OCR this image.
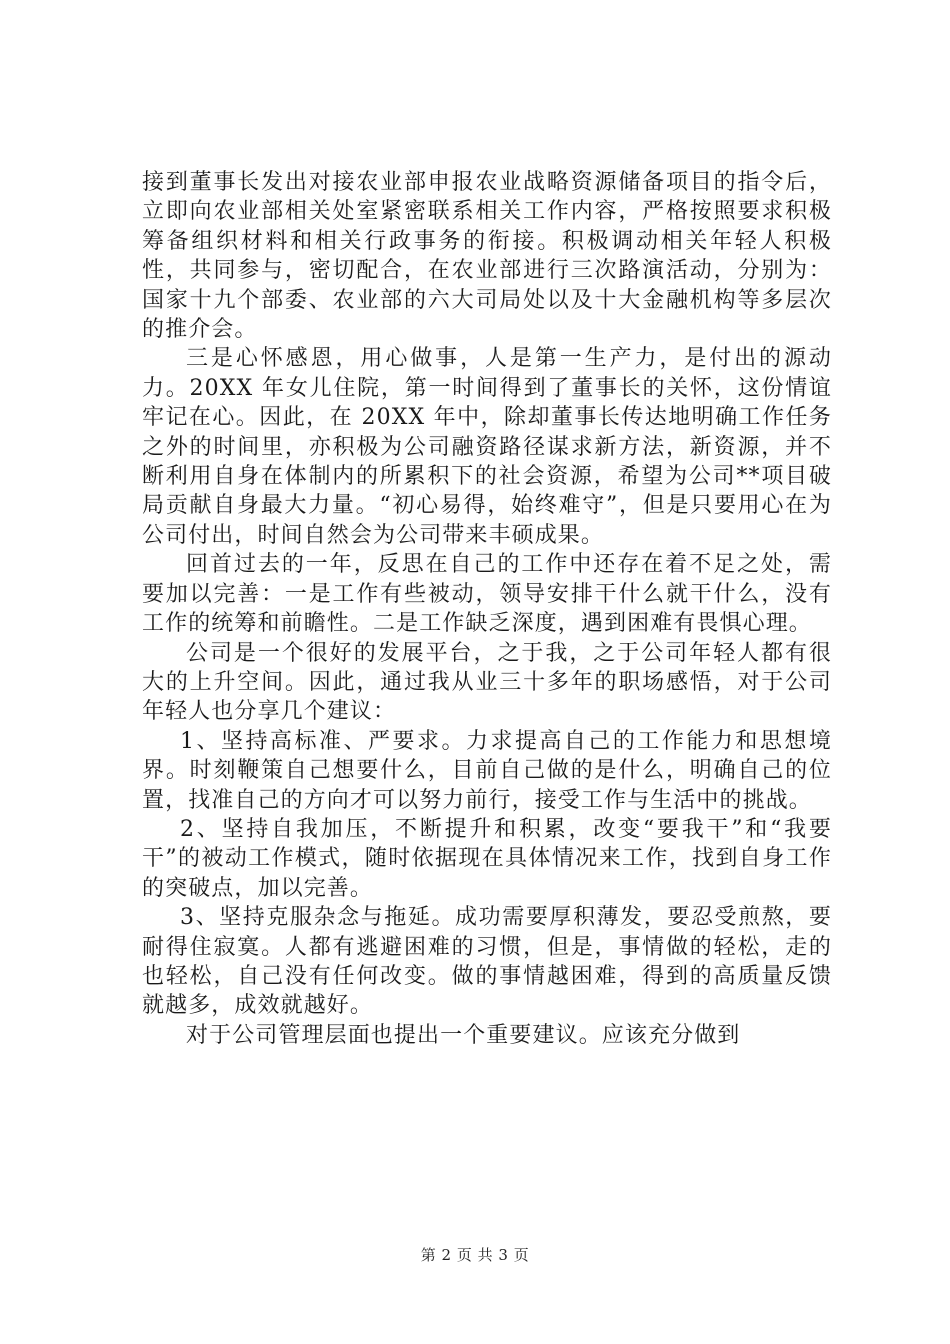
接到董事长发出对接农业部申报农业战略资源储备项目的指令后，立即向农业部相关处室紧密联系相关工作内容，严格按照要求积极筹备组织材料和相关行政事务的衔接。积极调动相关年轻人积极性，共同参与，密切配合，在农业部进行三次路演活动，分别为：国家十九个部委、农业部的六大司局处以及十大金融机构等多层次的推介会。

三是心怀感恩，用心做事，人是第一生产力，是付出的源动力。20XX 年女儿住院，第一时间得到了董事长的关怀，这份情谊牢记在心。因此，在 20XX 年中，除却董事长传达地明确工作任务之外的时间里，亦积极为公司融资路径谋求新方法，新资源，并不断利用自身在体制内的所累积下的社会资源，希望为公司**项目破局贡献自身最大力量。“初心易得，始终难守”，但是只要用心在为公司付出，时间自然会为公司带来丰硕成果。

回首过去的一年，反思在自己的工作中还存在着不足之处，需要加以完善：一是工作有些被动，领导安排干什么就干什么，没有工作的统筹和前瞻性。二是工作缺乏深度，遇到困难有畏惧心理。

公司是一个很好的发展平台，之于我，之于公司年轻人都有很大的上升空间。因此，通过我从业三十多年的职场感悟，对于公司年轻人也分享几个建议：

1、坚持高标准、严要求。力求提高自己的工作能力和思想境界。时刻鞭策自己想要什么，目前自己做的是什么，明确自己的位置，找准自己的方向才可以努力前行，接受工作与生活中的挑战。

2、坚持自我加压，不断提升和积累，改变“要我干”和“我要干”的被动工作模式，随时依据现在具体情况来工作，找到自身工作的突破点，加以完善。

3、坚持克服杂念与拖延。成功需要厚积薄发，要忍受煎熬，要耐得住寂寞。人都有逃避困难的习惯，但是，事情做的轻松，走的也轻松，自己没有任何改变。做的事情越困难，得到的高质量反馈就越多，成效就越好。

对于公司管理层面也提出一个重要建议。应该充分做到

第 2 页 共 3 页
